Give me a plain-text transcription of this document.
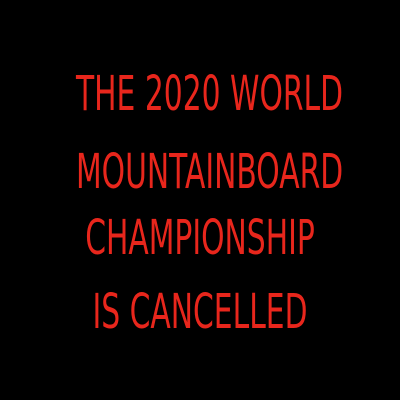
THE 2020 WORLD
MOUNTAINBOARD
CHAMPIONSHIP
IS CANCELLED
